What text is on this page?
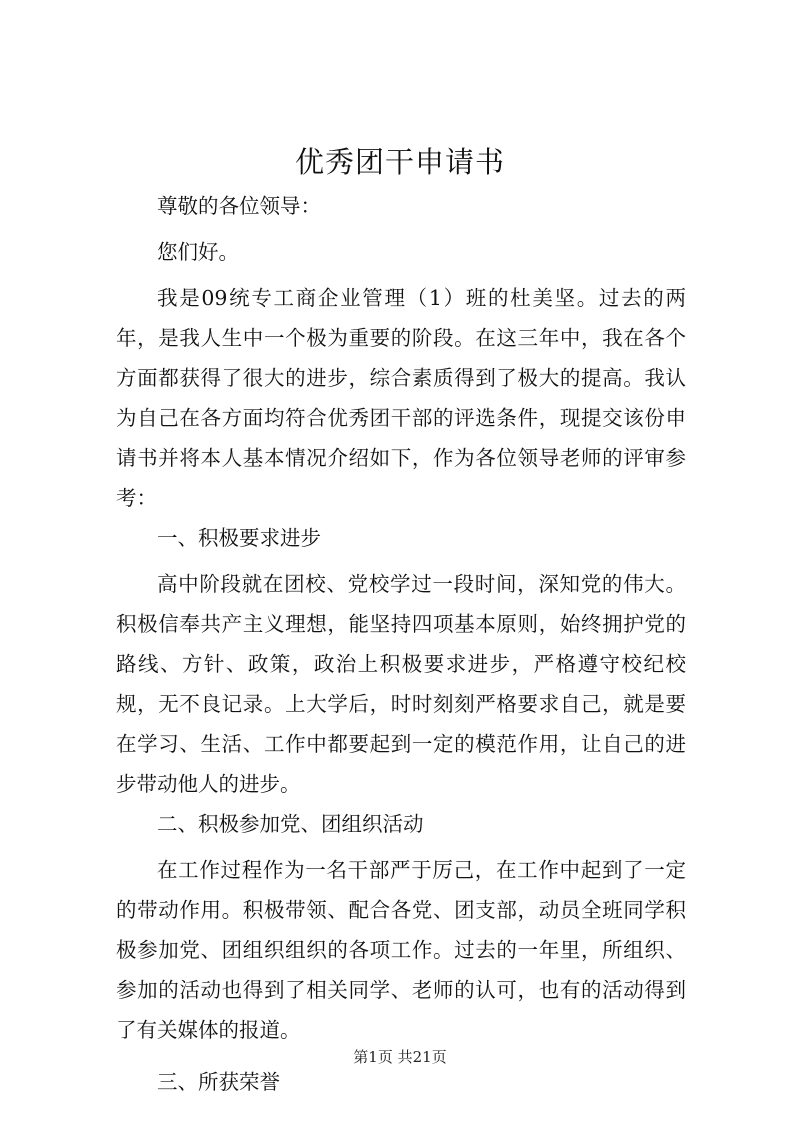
优秀团干申请书

尊敬的各位领导：

您们好。

我是09统专工商企业管理（1）班的杜美坚。过去的两年，是我人生中一个极为重要的阶段。在这三年中，我在各个方面都获得了很大的进步，综合素质得到了极大的提高。我认为自己在各方面均符合优秀团干部的评选条件，现提交该份申请书并将本人基本情况介绍如下，作为各位领导老师的评审参考：

一、积极要求进步

高中阶段就在团校、党校学过一段时间，深知党的伟大。积极信奉共产主义理想，能坚持四项基本原则，始终拥护党的路线、方针、政策，政治上积极要求进步，严格遵守校纪校规，无不良记录。上大学后，时时刻刻严格要求自己，就是要在学习、生活、工作中都要起到一定的模范作用，让自己的进步带动他人的进步。

二、积极参加党、团组织活动

在工作过程作为一名干部严于厉己，在工作中起到了一定的带动作用。积极带领、配合各党、团支部，动员全班同学积极参加党、团组织组织的各项工作。过去的一年里，所组织、参加的活动也得到了相关同学、老师的认可，也有的活动得到了有关媒体的报道。

三、所获荣誉

第1页 共21页
